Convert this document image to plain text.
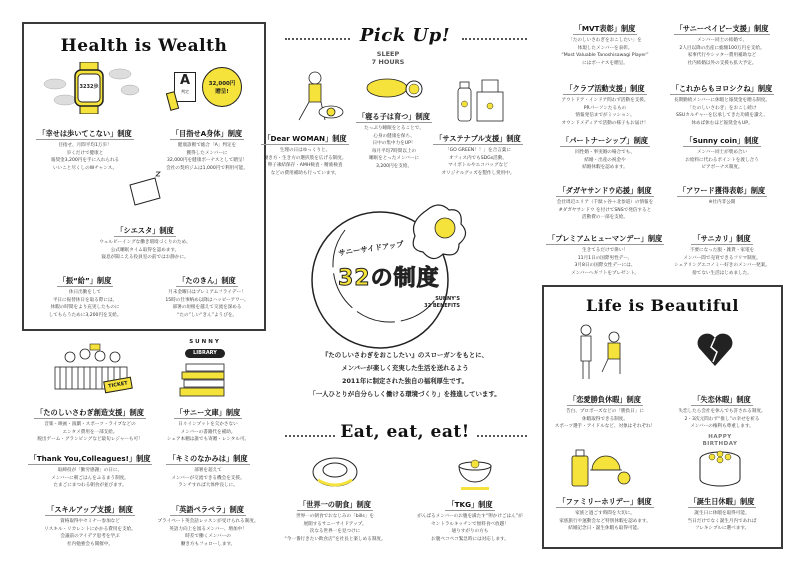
Health is Wealth	Pick Up!
Eat, eat, eat!
Life is Beautiful
3232歩	A
判定
32,000円 贈呈!
TICKET
SUNNY
LIBRARY
SLEEP
7 HOURS
サニーサイドアップ
32の制度
SUNNY'S
32 BENEFITS
『たのしいさわぎをおこしたい』のスローガンをもとに、
メンバーが楽しく充実した生活を送れるよう
2011年に制定された独自の福利厚生です。
「一人ひとりが自分らしく働ける環境づくり」を推進しています。
HAPPY BIRTHDAY
「幸せは歩いてこない」制度

目指せ、月間平均1万歩！
歩くだけで健康と
報奨金3,200円を手に入れられる
いいこと尽くしのWチャンス。

「目指せA身体」制度

健康診断で総合「A」判定を
獲得したメンバーに
32,000円を健康ボーナスとして贈呈！
会社の契約ジムは1,000円で利用可能。

「シエスタ」制度

ウェルビーイングな働き環境づくりのため、
公式睡眠タイム取得を認めます。
寝息が聞こえる役員室の前ではお静かに。

「振“給”」制度

休日出勤をして
平日に振替休日を取る際には、
休暇の時間をより充実したものに
してもらうために3,200円を支給。

「たのきん」制度

月末金曜日はプレミアムフライデー！
15時の仕事納め以降はハッピーアワー。
部署の垣根を越えて交流を深める
“たの”しい“きん”ようびを。

「たのしいさわぎ創造支援」制度

音楽・映画・演劇・スポーツ・ライブなどの
エンタメ費用を一部支給。
脱出ゲーム・グランピングなど最旬レジャーも可！

「サニー文庫」制度

日々インプットを欠かさない
メンバーの書籍代を補助。
シェア本棚は誰でも寄贈・レンタル可。

「Thank You,Colleagues!」制度

取締役が「勤労感謝」の日に、
メンバーに朝ごはんをふるまう制度。
たまごにまつわる朝食が並びます。

「キミのなかみは」制度

部署を超えて
メンバーが交流できる機会を支援。
ランチすれば大体仲良しに。

「スキルアップ支援」制度

資格取得やセミナー参加など
リスキル・リカレントにかかる費用を支給。
会議前のアイデア思考を学ぶ
社内勉強会も開催中。

「英語ペラペラ」制度

プライベート英会話レッスンが受けられる制度。
英語力向上を図るメンバー、増加中！
時差で働くメンバーの
働き方もフォローします。

「Dear WOMAN」制度

生理の日はゆっくりと。
働き方・生き方の選択肢を広げる制度。
卵子凍結保存・AMH検査・精液検査
などの費用補助も行っています。

「寝る子は育つ」制度

たっぷり睡眠をとることで、
心身の健康を保ち、
日中の集中力をUP！
毎月平均7時間以上の
睡眠をとったメンバーに
3,200円を支給。

「サステナブル支援」制度

「GO GREEN！！」を合言葉に
オフィス内でもSDGs活動。
マイボトルやエコバッグなど
オリジナルグッズを製作し愛用中。

「世界一の朝食」制度

世界一の朝食でおなじみの「bills」を
展開するサニーサイドアップ。
次なる世界一を見つけに
“今一番行きたい飲食店”を社長と楽しめる制度。

「TKG」制度

がんばるメンバーのお腹を満たす“卵かけごはん”が
セントラルキッチンで無料食べ放題！
通りすがりの方も
お腹ペコペコ緊急時には対応します。

「MVT表彰」制度

「たのしいさわぎをおこしたい」を
体現したメンバーを表彰。
“Most Valuable Tanoshisawagi Player”
にはボーナスを贈呈。

「サニーベイビー支援」制度

メンバー同士の結婚で、
2人目以降の出産に総額100万円を支給。
家事代行やシッター費用補助など
社内結婚以外の支援も拡大予定。

「クラブ活動支援」制度

アウトドア・インドア問わず活動を支援。
PRパーソンたるもの
情報発信までがミッション。
オウンドメディアで活動の様子もお届け！

「これからもヨロシクね」制度

長期勤続メンバーに休暇と報奨金を贈る制度。
「たのしいさわぎ」をおこし続け
SSUカルチャーを伝承してきた功績を讃え、
休めば休むほど報奨金もUP。

「パートナーシップ」制度

同性婚・事実婚の場合でも、
結婚・出産の祝金や
結婚休暇を認めます。

「Sunny coin」制度

メンバー同士が褒め合い
お給料に代わるポイントを渡し合う
ピアボーナス制度。

「ダガヤサンドウ応援」制度

会社周辺エリア（千駄ヶ谷＋北参道）の情報を
#ダガヤサンドウ を付けてSNSで発信すると
活動費の一部を支給。

「アワード獲得表彰」制度

※社内非公開

「プレミアムヒューマンデー」制度

生きてるだけで偉い！
11月1日の国際男性デー、
3月8日の国際女性デーには、
メンバーへギフトをプレゼント。

「サニカリ」制度

不要になった服・雑貨・家電を
メンバー間で売買できるフリマ制度。
シェアリングエコノミー好きのメンバー発案。
捨てない生活はじめました。

「恋愛勝負休暇」制度

告白、プロポーズなどの「勝負日」に
休暇取得できる制度。
スポーツ選手・アイドルなど、対象はそれぞれ！

「失恋休暇」制度

失恋したら会社を休んでも許される制度。
2・3次元問わず“推し”の幸せを祈る
メンバーの権利も尊重します。

「ファミリーホリデー」制度

家族と過ごす時間を大切に。
家族旅行や運動会など特別休暇を認めます。
結婚記念日・誕生休暇も取得可能。

「誕生日休暇」制度

誕生日に休暇を取得可能。
当日だけでなく誕生月内であれば
フレキシブルに選べます。
